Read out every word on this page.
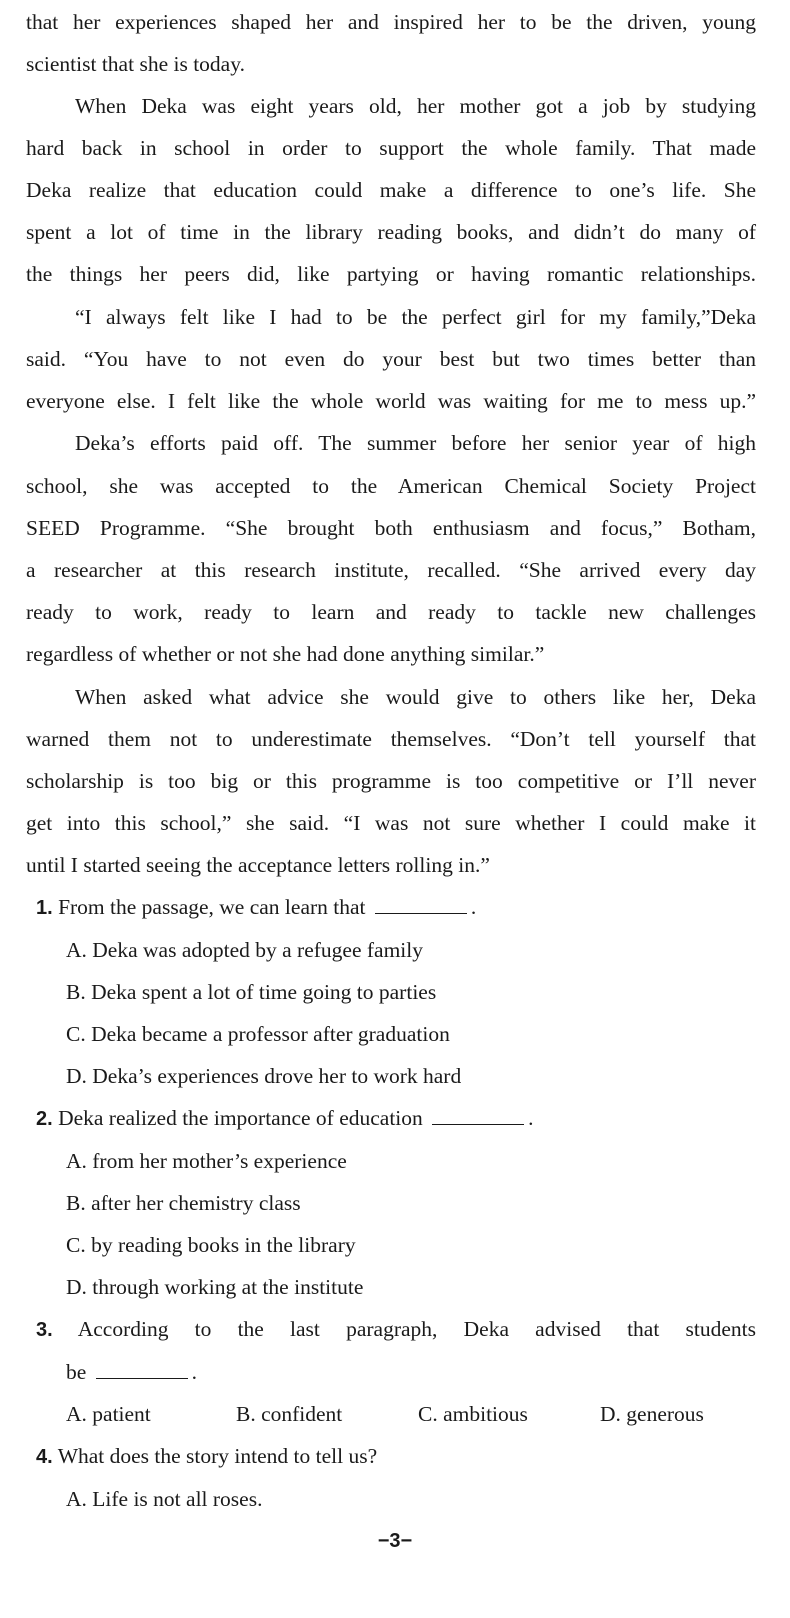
that her experiences shaped her and inspired her to be the driven, young
scientist that she is today.
When Deka was eight years old, her mother got a job by studying
hard back in school in order to support the whole family. That made
Deka realize that education could make a difference to one’s life. She
spent a lot of time in the library reading books, and didn’t do many of
the things her peers did, like partying or having romantic relationships.
“I always felt like I had to be the perfect girl for my family,”Deka
said. “You have to not even do your best but two times better than
everyone else. I felt like the whole world was waiting for me to mess up.”
Deka’s efforts paid off. The summer before her senior year of high
school, she was accepted to the American Chemical Society Project
SEED Programme. “She brought both enthusiasm and focus,” Botham,
a researcher at this research institute, recalled. “She arrived every day
ready to work, ready to learn and ready to tackle new challenges
regardless of whether or not she had done anything similar.”
When asked what advice she would give to others like her, Deka
warned them not to underestimate themselves. “Don’t tell yourself that
scholarship is too big or this programme is too competitive or I’ll never
get into this school,” she said. “I was not sure whether I could make it
until I started seeing the acceptance letters rolling in.”
1. From the passage, we can learn that	.
A. Deka was adopted by a refugee family
B. Deka spent a lot of time going to parties
C. Deka became a professor after graduation
D. Deka’s experiences drove her to work hard
2. Deka realized the importance of education	.
A. from her mother’s experience
B. after her chemistry class
C. by reading books in the library
D. through working at the institute
3. According to the last paragraph, Deka advised that students
be	.
A. patient	B. confident	C. ambitious	D. generous
4. What does the story intend to tell us?
A. Life is not all roses.
−3−
